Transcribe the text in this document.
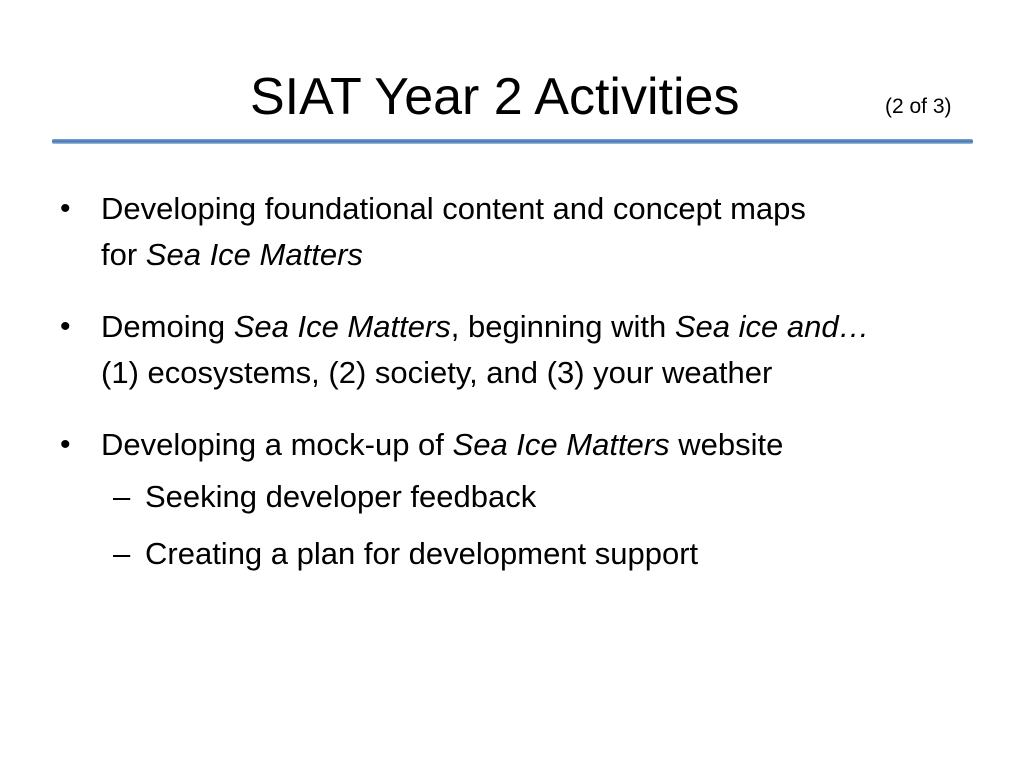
SIAT Year 2 Activities	(2 of 3)
• Developing foundational content and concept maps
for Sea Ice Matters
• Demoing Sea Ice Matters, beginning with Sea ice and…
(1) ecosystems, (2) society, and (3) your weather
• Developing a mock-up of Sea Ice Matters website
– Seeking developer feedback
– Creating a plan for development support
